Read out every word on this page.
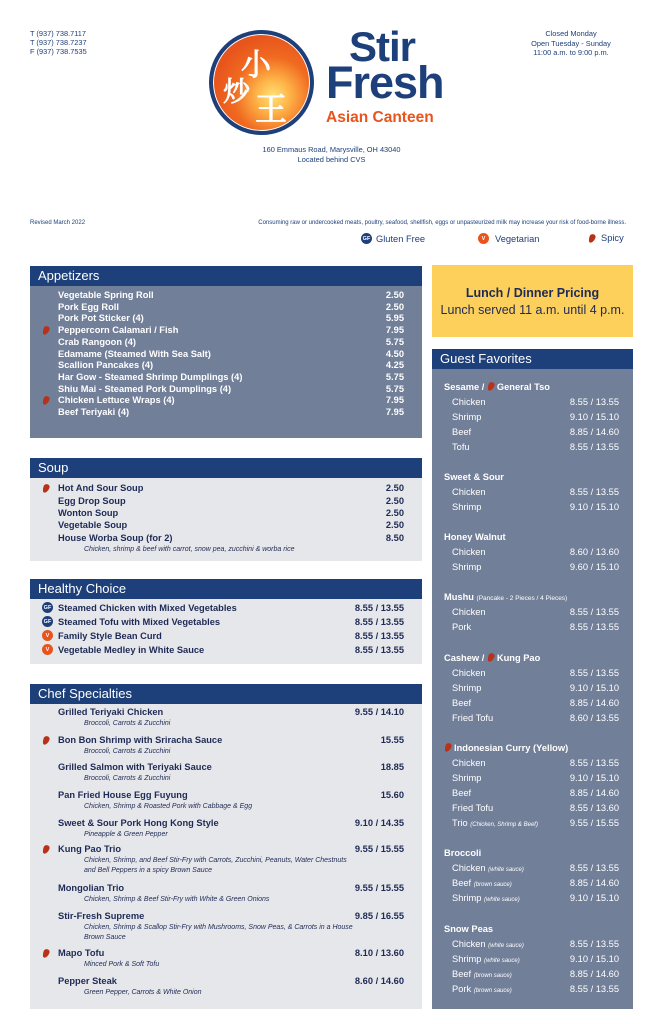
T (937) 738.7117
T (937) 738.7237
F (937) 738.7535
Closed Monday
Open Tuesday - Sunday
11:00 a.m. to 9:00 p.m.
小
炒 王
Stir
Fresh
Asian Canteen
160 Emmaus Road, Marysville, OH 43040
Located behind CVS
Revised March 2022	Consuming raw or undercooked meats, poultry, seafood, shellfish, eggs or unpasteurized milk may increase your risk of food-borne illness.
GF Gluten Free	V	Vegetarian	Spicy
Appetizers
Vegetable Spring Roll	2.50
Pork Egg Roll	2.50
Pork Pot Sticker (4)	5.95
Peppercorn Calamari / Fish	7.95
Crab Rangoon (4)	5.75
Edamame (Steamed With Sea Salt)	4.50
Scallion Pancakes (4)	4.25
Har Gow - Steamed Shrimp Dumplings (4)	5.75
Shiu Mai - Steamed Pork Dumplings (4)	5.75
Chicken Lettuce Wraps (4)	7.95
Beef Teriyaki (4)	7.95
Soup
Hot And Sour Soup	2.50
Egg Drop Soup	2.50
Wonton Soup	2.50
Vegetable Soup	2.50
House Worba Soup (for 2)	8.50
Chicken, shrimp & beef with carrot, snow pea, zucchini & worba rice
Healthy Choice
GF Steamed Chicken with Mixed Vegetables	8.55 / 13.55
GF Steamed Tofu with Mixed Vegetables	8.55 / 13.55
V Family Style Bean Curd	8.55 / 13.55
V Vegetable Medley in White Sauce	8.55 / 13.55
Chef Specialties
Grilled Teriyaki Chicken	9.55 / 14.10
Broccoli, Carrots & Zucchini
Bon Bon Shrimp with Sriracha Sauce	15.55
Broccoli, Carrots & Zucchini
Grilled Salmon with Teriyaki Sauce	18.85
Broccoli, Carrots & Zucchini
Pan Fried House Egg Fuyung	15.60
Chicken, Shrimp & Roasted Pork with Cabbage & Egg
Sweet & Sour Pork Hong Kong Style	9.10 / 14.35
Pineapple & Green Pepper
Kung Pao Trio	9.55 / 15.55
Chicken, Shrimp, and Beef Stir-Fry with Carrots, Zucchini, Peanuts, Water Chestnuts and Bell Peppers in a spicy Brown Sauce
Mongolian Trio	9.55 / 15.55
Chicken, Shrimp & Beef Stir-Fry with White & Green Onions
Stir-Fresh Supreme	9.85 / 16.55
Chicken, Shrimp & Scallop Stir-Fry with Mushrooms, Snow Peas, & Carrots in a House Brown Sauce
Mapo Tofu	8.10 / 13.60
Minced Pork & Soft Tofu
Pepper Steak	8.60 / 14.60
Green Pepper, Carrots & White Onion
Lunch / Dinner Pricing
Lunch served 11 a.m. until 4 p.m.
Guest Favorites
Sesame / General Tso
Chicken	8.55 / 13.55
Shrimp	9.10 / 15.10
Beef	8.85 / 14.60
Tofu	8.55 / 13.55
Sweet & Sour
Chicken	8.55 / 13.55
Shrimp	9.10 / 15.10
Honey Walnut
Chicken	8.60 / 13.60
Shrimp	9.60 / 15.10
Mushu (Pancake - 2 Pieces / 4 Pieces)
Chicken	8.55 / 13.55
Pork	8.55 / 13.55
Cashew / Kung Pao
Chicken	8.55 / 13.55
Shrimp	9.10 / 15.10
Beef	8.85 / 14.60
Fried Tofu	8.60 / 13.55
Indonesian Curry (Yellow)
Chicken	8.55 / 13.55
Shrimp	9.10 / 15.10
Beef	8.85 / 14.60
Fried Tofu	8.55 / 13.60
Trio (Chicken, Shrimp & Beef)	9.55 / 15.55
Broccoli
Chicken (white sauce)	8.55 / 13.55
Beef (brown sauce)	8.85 / 14.60
Shrimp (white sauce)	9.10 / 15.10
Snow Peas
Chicken (white sauce)	8.55 / 13.55
Shrimp (white sauce)	9.10 / 15.10
Beef (brown sauce)	8.85 / 14.60
Pork (brown sauce)	8.55 / 13.55
